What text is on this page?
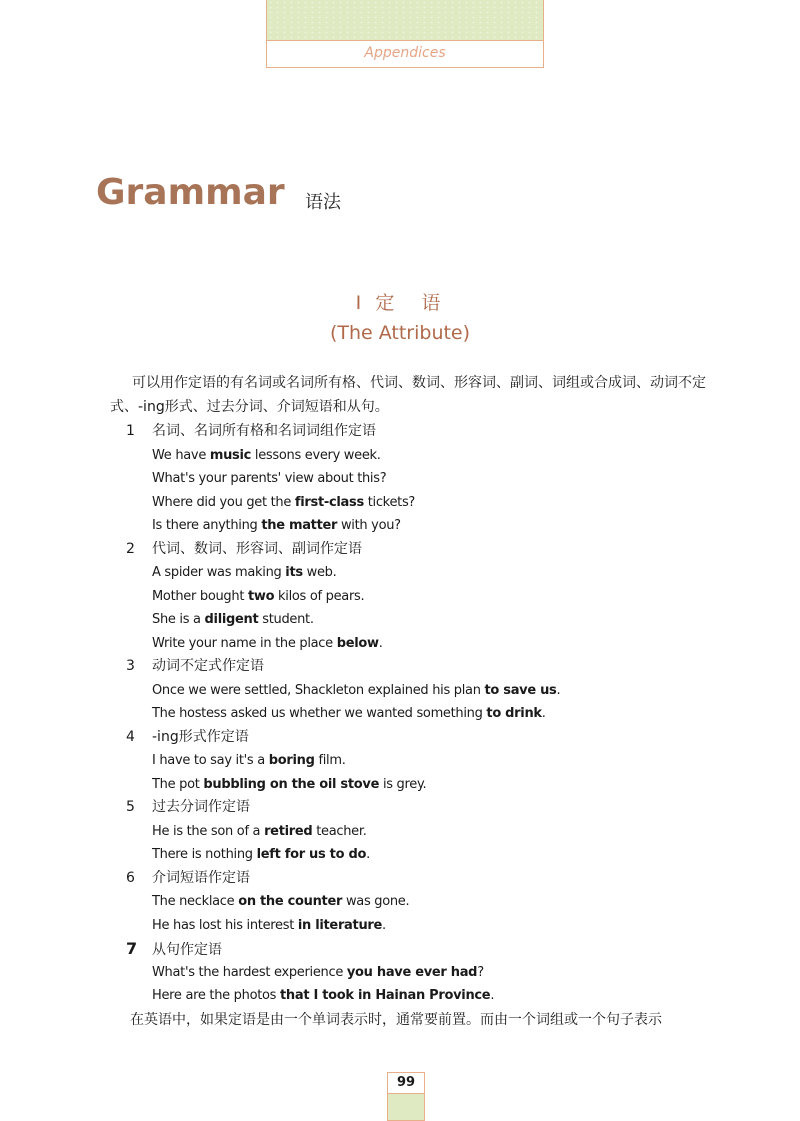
Appendices
Grammar 语法
I 定　语
(The Attribute)
可以用作定语的有名词或名词所有格、代词、数词、形容词、副词、词组或合成词、动词不定式、-ing形式、过去分词、介词短语和从句。
1 名词、名词所有格和名词词组作定语
We have music lessons every week.
What's your parents' view about this?
Where did you get the first-class tickets?
Is there anything the matter with you?
2 代词、数词、形容词、副词作定语
A spider was making its web.
Mother bought two kilos of pears.
She is a diligent student.
Write your name in the place below.
3 动词不定式作定语
Once we were settled, Shackleton explained his plan to save us.
The hostess asked us whether we wanted something to drink.
4 -ing形式作定语
I have to say it's a boring film.
The pot bubbling on the oil stove is grey.
5 过去分词作定语
He is the son of a retired teacher.
There is nothing left for us to do.
6 介词短语作定语
The necklace on the counter was gone.
He has lost his interest in literature.
7 从句作定语
What's the hardest experience you have ever had?
Here are the photos that I took in Hainan Province.
在英语中，如果定语是由一个单词表示时，通常要前置。而由一个词组或一个句子表示
99
